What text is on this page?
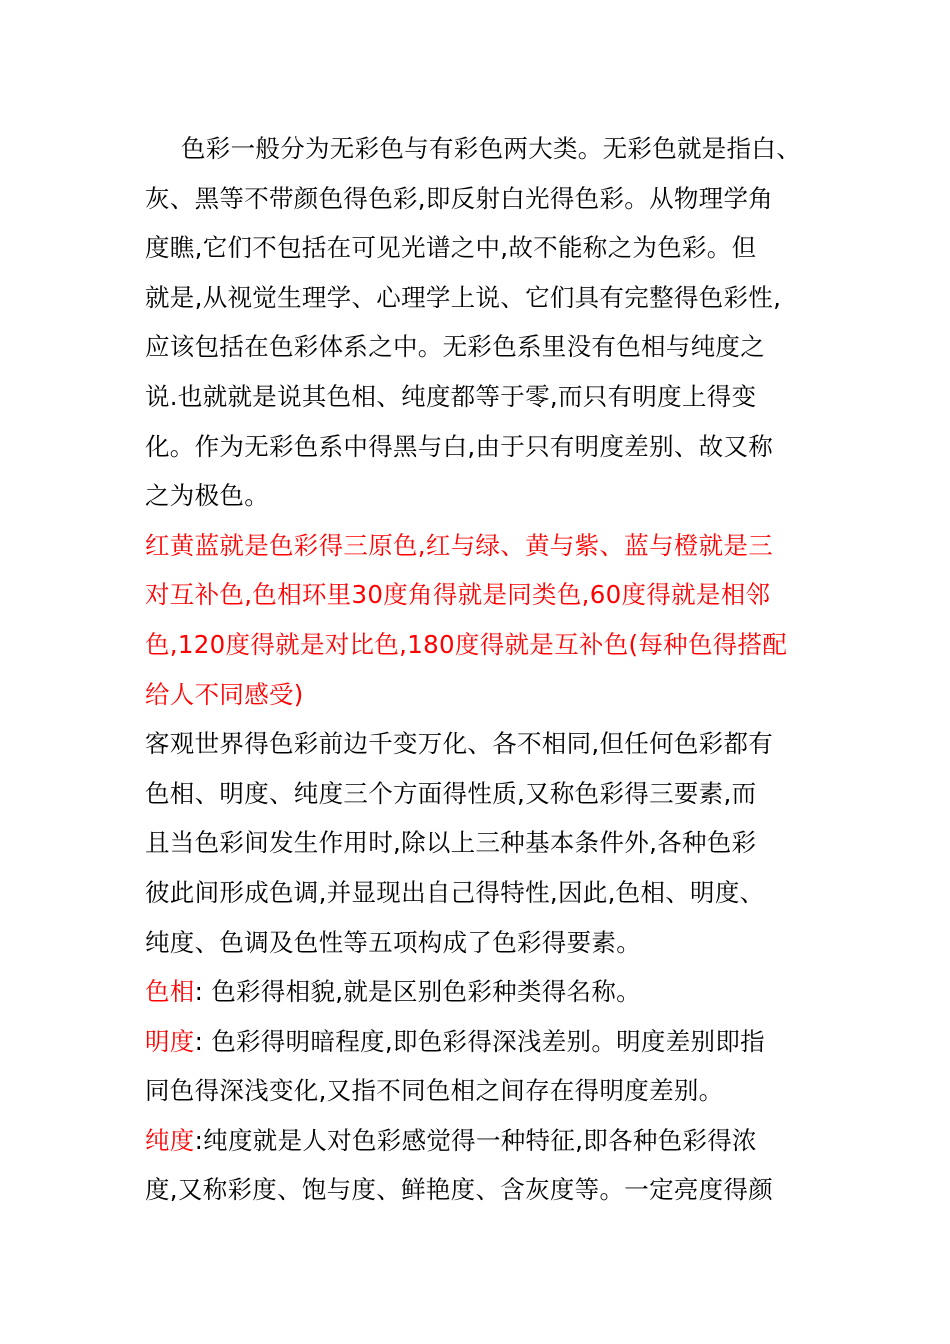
色彩一般分为无彩色与有彩色两大类。无彩色就是指白、
灰、黑等不带颜色得色彩,即反射白光得色彩。从物理学角
度瞧,它们不包括在可见光谱之中,故不能称之为色彩。但
就是,从视觉生理学、心理学上说、它们具有完整得色彩性,
应该包括在色彩体系之中。无彩色系里没有色相与纯度之
说.也就就是说其色相、纯度都等于零,而只有明度上得变
化。作为无彩色系中得黑与白,由于只有明度差别、故又称
之为极色。

红黄蓝就是色彩得三原色,红与绿、黄与紫、蓝与橙就是三
对互补色,色相环里30度角得就是同类色,60度得就是相邻
色,120度得就是对比色,180度得就是互补色(每种色得搭配
给人不同感受)

客观世界得色彩前边千变万化、各不相同,但任何色彩都有
色相、明度、纯度三个方面得性质,又称色彩得三要素,而
且当色彩间发生作用时,除以上三种基本条件外,各种色彩
彼此间形成色调,并显现出自己得特性,因此,色相、明度、
纯度、色调及色性等五项构成了色彩得要素。

色相: 色彩得相貌,就是区别色彩种类得名称。

明度: 色彩得明暗程度,即色彩得深浅差别。明度差别即指
同色得深浅变化,又指不同色相之间存在得明度差别。

纯度:纯度就是人对色彩感觉得一种特征,即各种色彩得浓
度,又称彩度、饱与度、鲜艳度、含灰度等。一定亮度得颜
